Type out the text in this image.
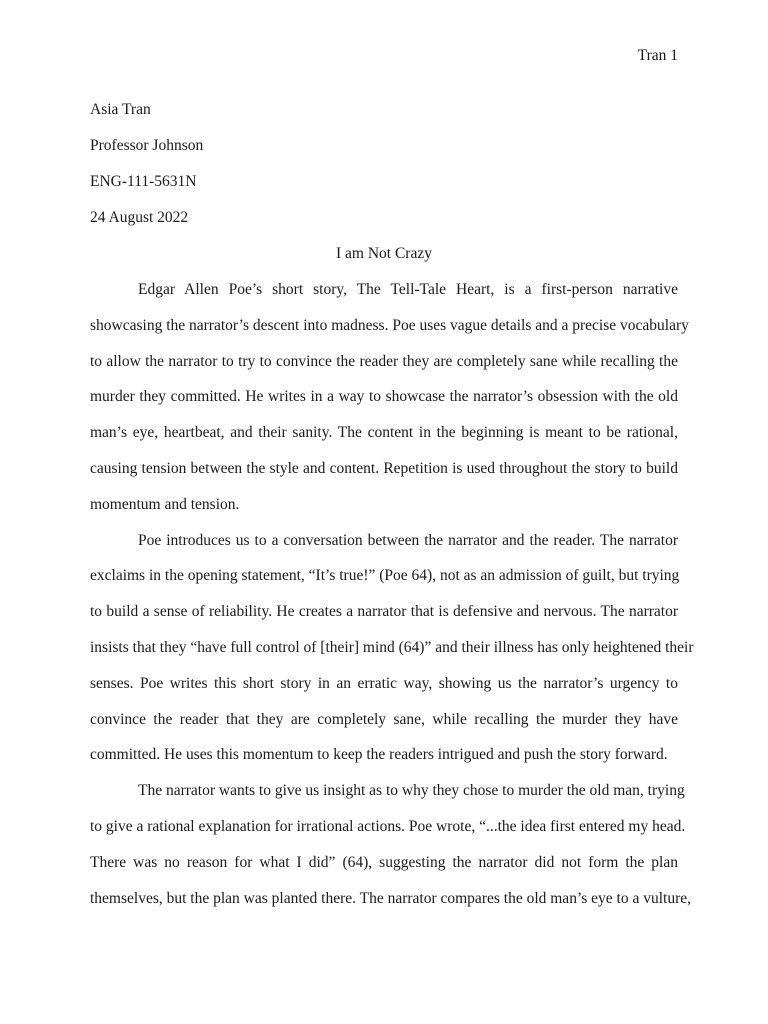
Tran 1
Asia Tran
Professor Johnson
ENG-111-5631N
24 August 2022
I am Not Crazy
Edgar Allen Poe’s short story, The Tell-Tale Heart, is a first-person narrative
showcasing the narrator’s descent into madness. Poe uses vague details and a precise vocabulary
to allow the narrator to try to convince the reader they are completely sane while recalling the
murder they committed. He writes in a way to showcase the narrator’s obsession with the old
man’s eye, heartbeat, and their sanity. The content in the beginning is meant to be rational,
causing tension between the style and content. Repetition is used throughout the story to build
momentum and tension.
Poe introduces us to a conversation between the narrator and the reader. The narrator
exclaims in the opening statement, “It’s true!” (Poe 64), not as an admission of guilt, but trying
to build a sense of reliability. He creates a narrator that is defensive and nervous. The narrator
insists that they “have full control of [their] mind (64)” and their illness has only heightened their
senses. Poe writes this short story in an erratic way, showing us the narrator’s urgency to
convince the reader that they are completely sane, while recalling the murder they have
committed. He uses this momentum to keep the readers intrigued and push the story forward.
The narrator wants to give us insight as to why they chose to murder the old man, trying
to give a rational explanation for irrational actions. Poe wrote, “...the idea first entered my head.
There was no reason for what I did” (64), suggesting the narrator did not form the plan
themselves, but the plan was planted there. The narrator compares the old man’s eye to a vulture,
